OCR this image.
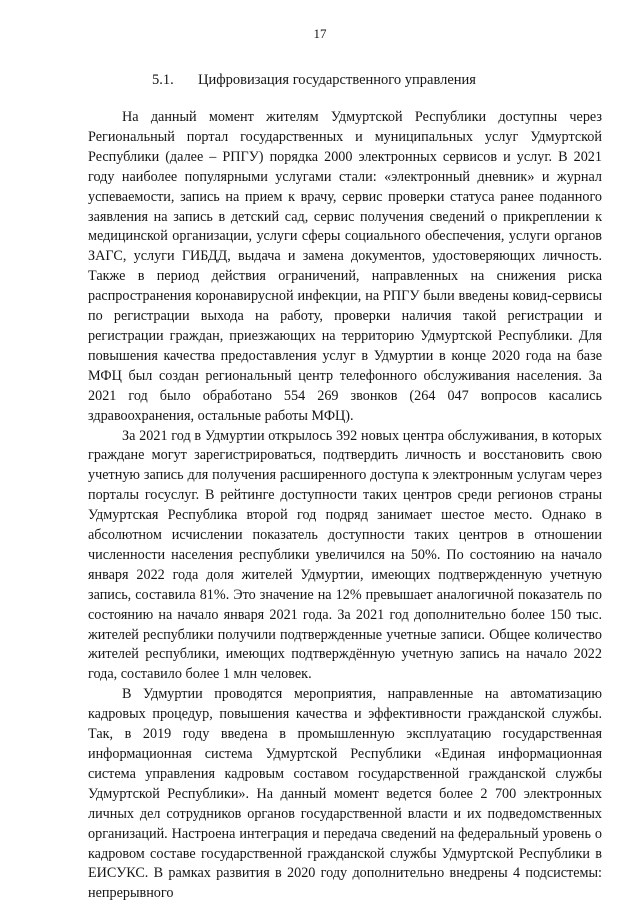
17
5.1. Цифровизация государственного управления

На данный момент жителям Удмуртской Республики доступны через Региональный портал государственных и муниципальных услуг Удмуртской Республики (далее – РПГУ) порядка 2000 электронных сервисов и услуг. В 2021 году наиболее популярными услугами стали: «электронный дневник» и журнал успеваемости, запись на прием к врачу, сервис проверки статуса ранее поданного заявления на запись в детский сад, сервис получения сведений о прикреплении к медицинской организации, услуги сферы социального обеспечения, услуги органов ЗАГС, услуги ГИБДД, выдача и замена документов, удостоверяющих личность. Также в период действия ограничений, направленных на снижения риска распространения коронавирусной инфекции, на РПГУ были введены ковид-сервисы по регистрации выхода на работу, проверки наличия такой регистрации и регистрации граждан, приезжающих на территорию Удмуртской Республики. Для повышения качества предоставления услуг в Удмуртии в конце 2020 года на базе МФЦ был создан региональный центр телефонного обслуживания населения. За 2021 год было обработано 554 269 звонков (264 047 вопросов касались здравоохранения, остальные работы МФЦ).

За 2021 год в Удмуртии открылось 392 новых центра обслуживания, в которых граждане могут зарегистрироваться, подтвердить личность и восстановить свою учетную запись для получения расширенного доступа к электронным услугам через порталы госуслуг. В рейтинге доступности таких центров среди регионов страны Удмуртская Республика второй год подряд занимает шестое место. Однако в абсолютном исчислении показатель доступности таких центров в отношении численности населения республики увеличился на 50%. По состоянию на начало января 2022 года доля жителей Удмуртии, имеющих подтвержденную учетную запись, составила 81%. Это значение на 12% превышает аналогичной показатель по состоянию на начало января 2021 года. За 2021 год дополнительно более 150 тыс. жителей республики получили подтвержденные учетные записи. Общее количество жителей республики, имеющих подтверждённую учетную запись на начало 2022 года, составило более 1 млн человек.

В Удмуртии проводятся мероприятия, направленные на автоматизацию кадровых процедур, повышения качества и эффективности гражданской службы. Так, в 2019 году введена в промышленную эксплуатацию государственная информационная система Удмуртской Республики «Единая информационная система управления кадровым составом государственной гражданской службы Удмуртской Республики». На данный момент ведется более 2 700 электронных личных дел сотрудников органов государственной власти и их подведомственных организаций. Настроена интеграция и передача сведений на федеральный уровень о кадровом составе государственной гражданской службы Удмуртской Республики в ЕИСУКС. В рамках развития в 2020 году дополнительно внедрены 4 подсистемы: непрерывного
